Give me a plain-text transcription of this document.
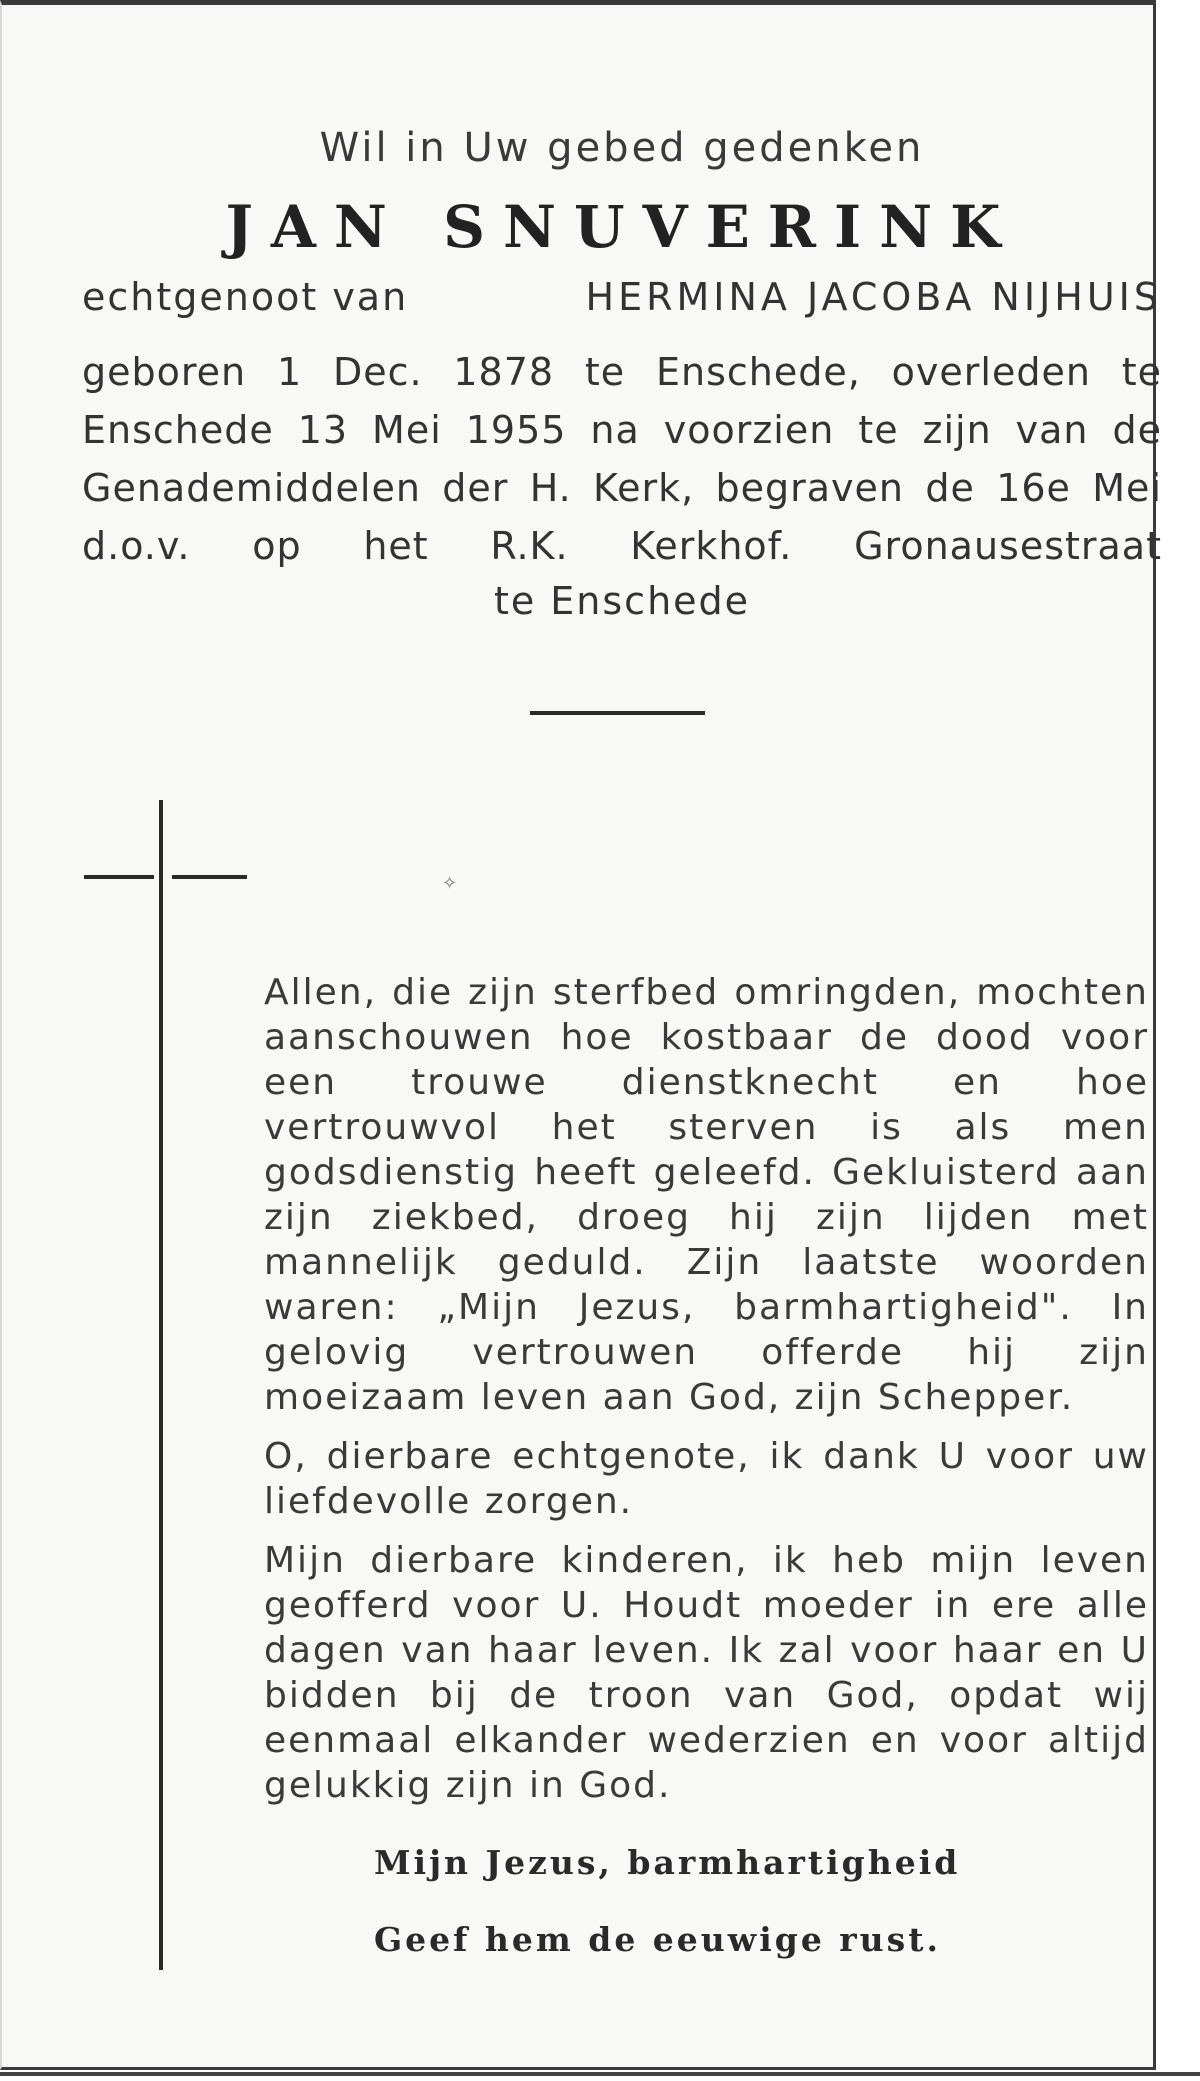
Wil in Uw gebed gedenken

JAN SNUVERINK

echtgenoot van	HERMINA JACOBA NIJHUIS

geboren 1 Dec. 1878 te Enschede, overleden te Enschede 13 Mei 1955 na voorzien te zijn van de Genademiddelen der H. Kerk, begraven de 16e Mei d.o.v. op het R.K. Kerkhof. Gronausestraat

te Enschede

✧

Allen, die zijn sterfbed omringden, mochten aanschouwen hoe kostbaar de dood voor een trouwe dienstknecht en hoe vertrouwvol het sterven is als men godsdienstig heeft geleefd. Gekluisterd aan zijn ziekbed, droeg hij zijn lijden met mannelijk geduld. Zijn laatste woorden waren: „Mijn Jezus, barmhartigheid". In gelovig vertrouwen offerde hij zijn moeizaam leven aan God, zijn Schepper.

O, dierbare echtgenote, ik dank U voor uw liefdevolle zorgen.

Mijn dierbare kinderen, ik heb mijn leven geofferd voor U. Houdt moeder in ere alle dagen van haar leven. Ik zal voor haar en U bidden bij de troon van God, opdat wij eenmaal elkander wederzien en voor altijd gelukkig zijn in God.

Mijn Jezus, barmhartigheid

Geef hem de eeuwige rust.
